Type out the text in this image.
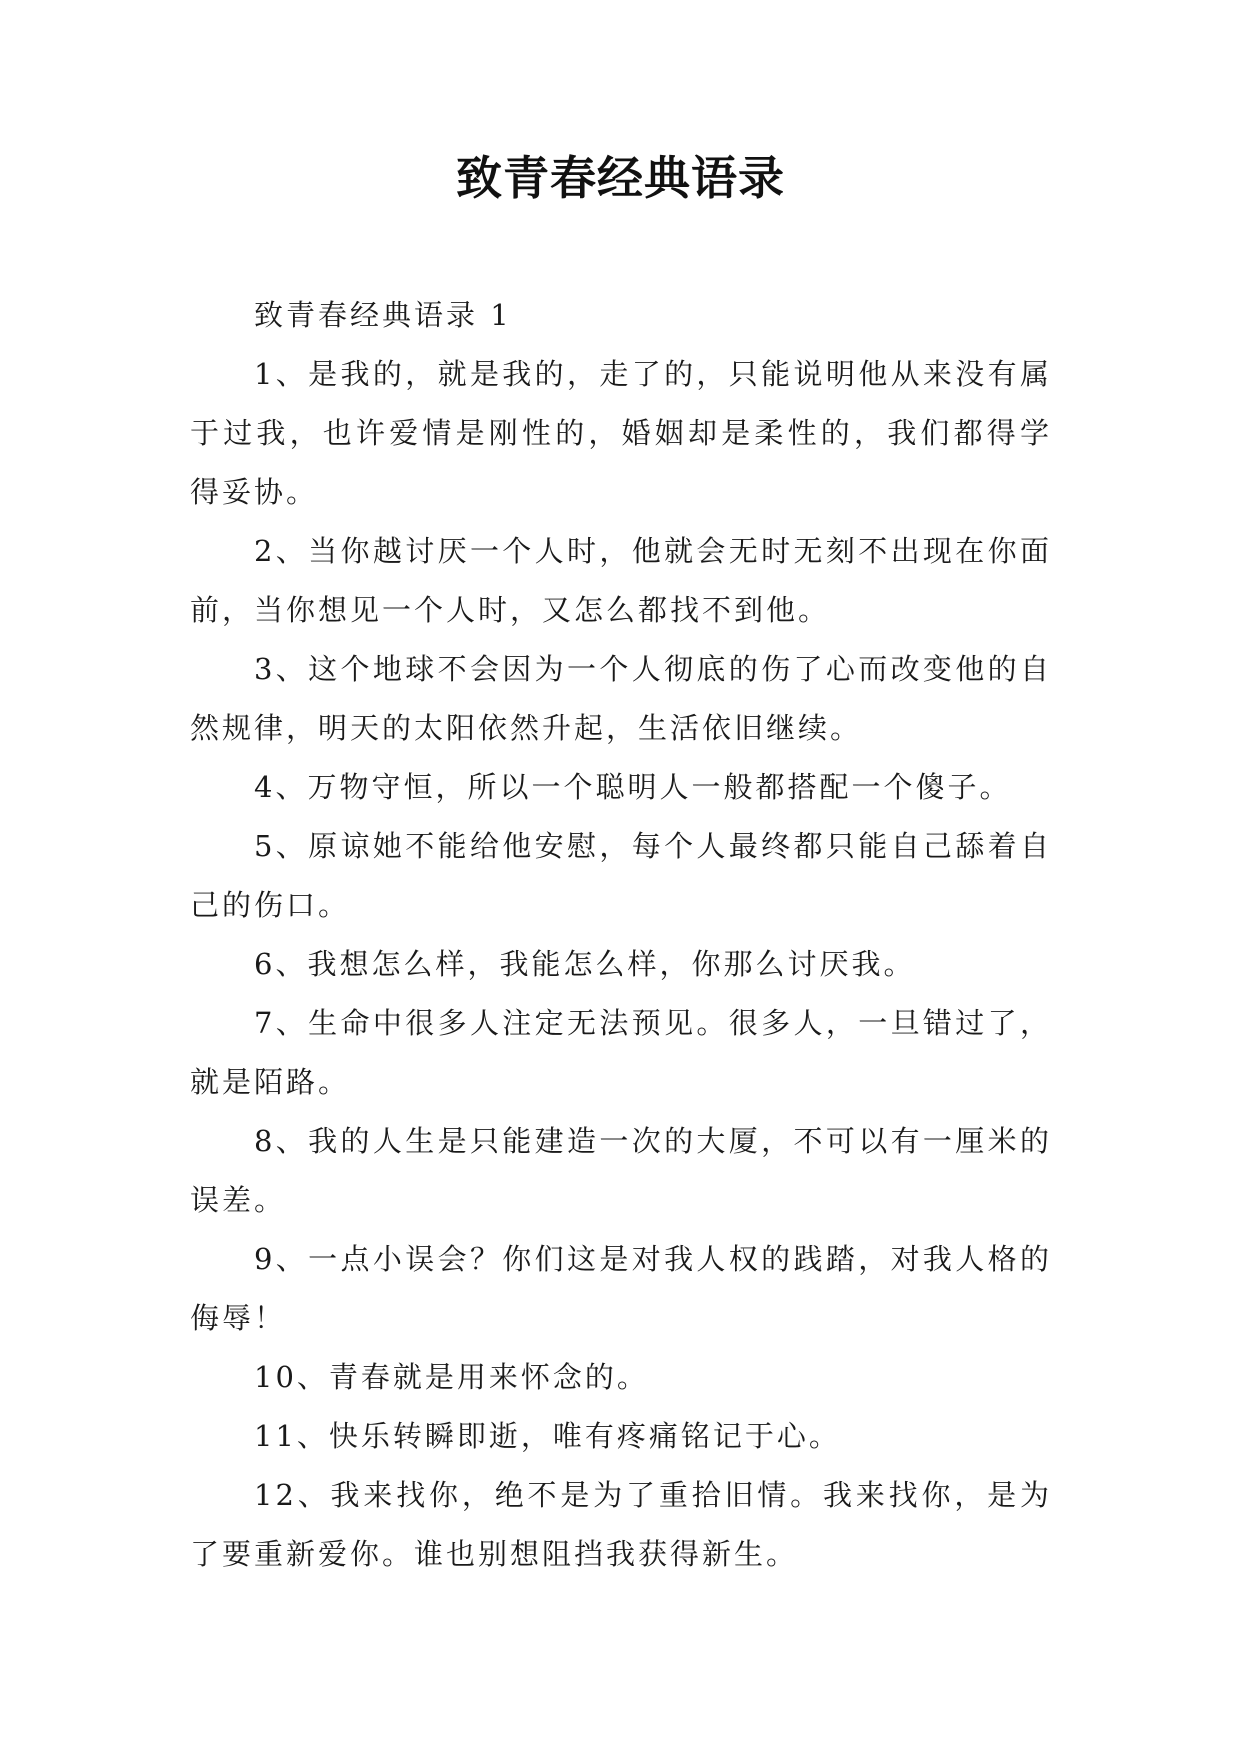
致青春经典语录

致青春经典语录 1

1、是我的，就是我的，走了的，只能说明他从来没有属于过我，也许爱情是刚性的，婚姻却是柔性的，我们都得学得妥协。

2、当你越讨厌一个人时，他就会无时无刻不出现在你面前，当你想见一个人时，又怎么都找不到他。

3、这个地球不会因为一个人彻底的伤了心而改变他的自然规律，明天的太阳依然升起，生活依旧继续。

4、万物守恒，所以一个聪明人一般都搭配一个傻子。

5、原谅她不能给他安慰，每个人最终都只能自己舔着自己的伤口。

6、我想怎么样，我能怎么样，你那么讨厌我。

7、生命中很多人注定无法预见。很多人，一旦错过了，就是陌路。

8、我的人生是只能建造一次的大厦，不可以有一厘米的误差。

9、一点小误会？你们这是对我人权的践踏，对我人格的侮辱！

10、青春就是用来怀念的。

11、快乐转瞬即逝，唯有疼痛铭记于心。

12、我来找你，绝不是为了重拾旧情。我来找你，是为了要重新爱你。谁也别想阻挡我获得新生。
